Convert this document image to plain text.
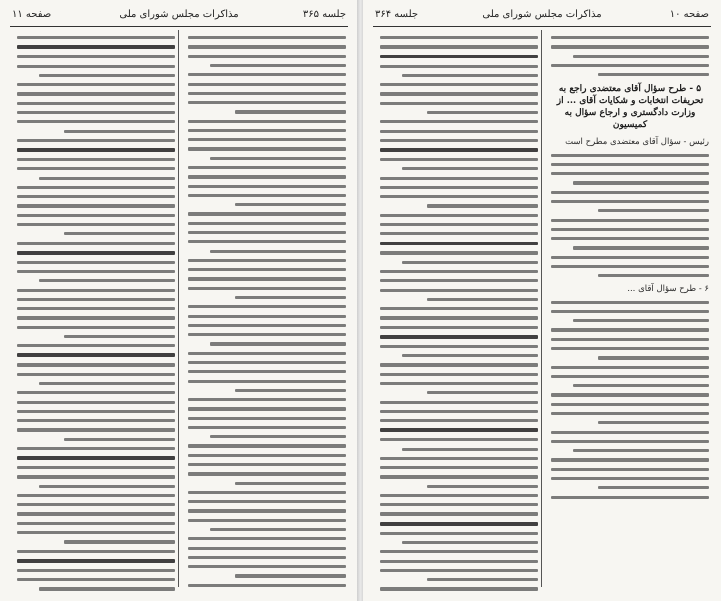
جلسه ۳۶۵
مذاکرات مجلس شورای ملی
صفحه ۱۱	صفحه ۱۰
مذاکرات مجلس شورای ملی
جلسه ۳۶۴
۵ - طرح سؤال آقای معتضدی راجع به تحریفات انتخابات و شکایات آقای ... از وزارت دادگستری و ارجاع سؤال به کمیسیون
رئیس - سؤال آقای معتضدی مطرح است
۶ - طرح سؤال آقای ...
